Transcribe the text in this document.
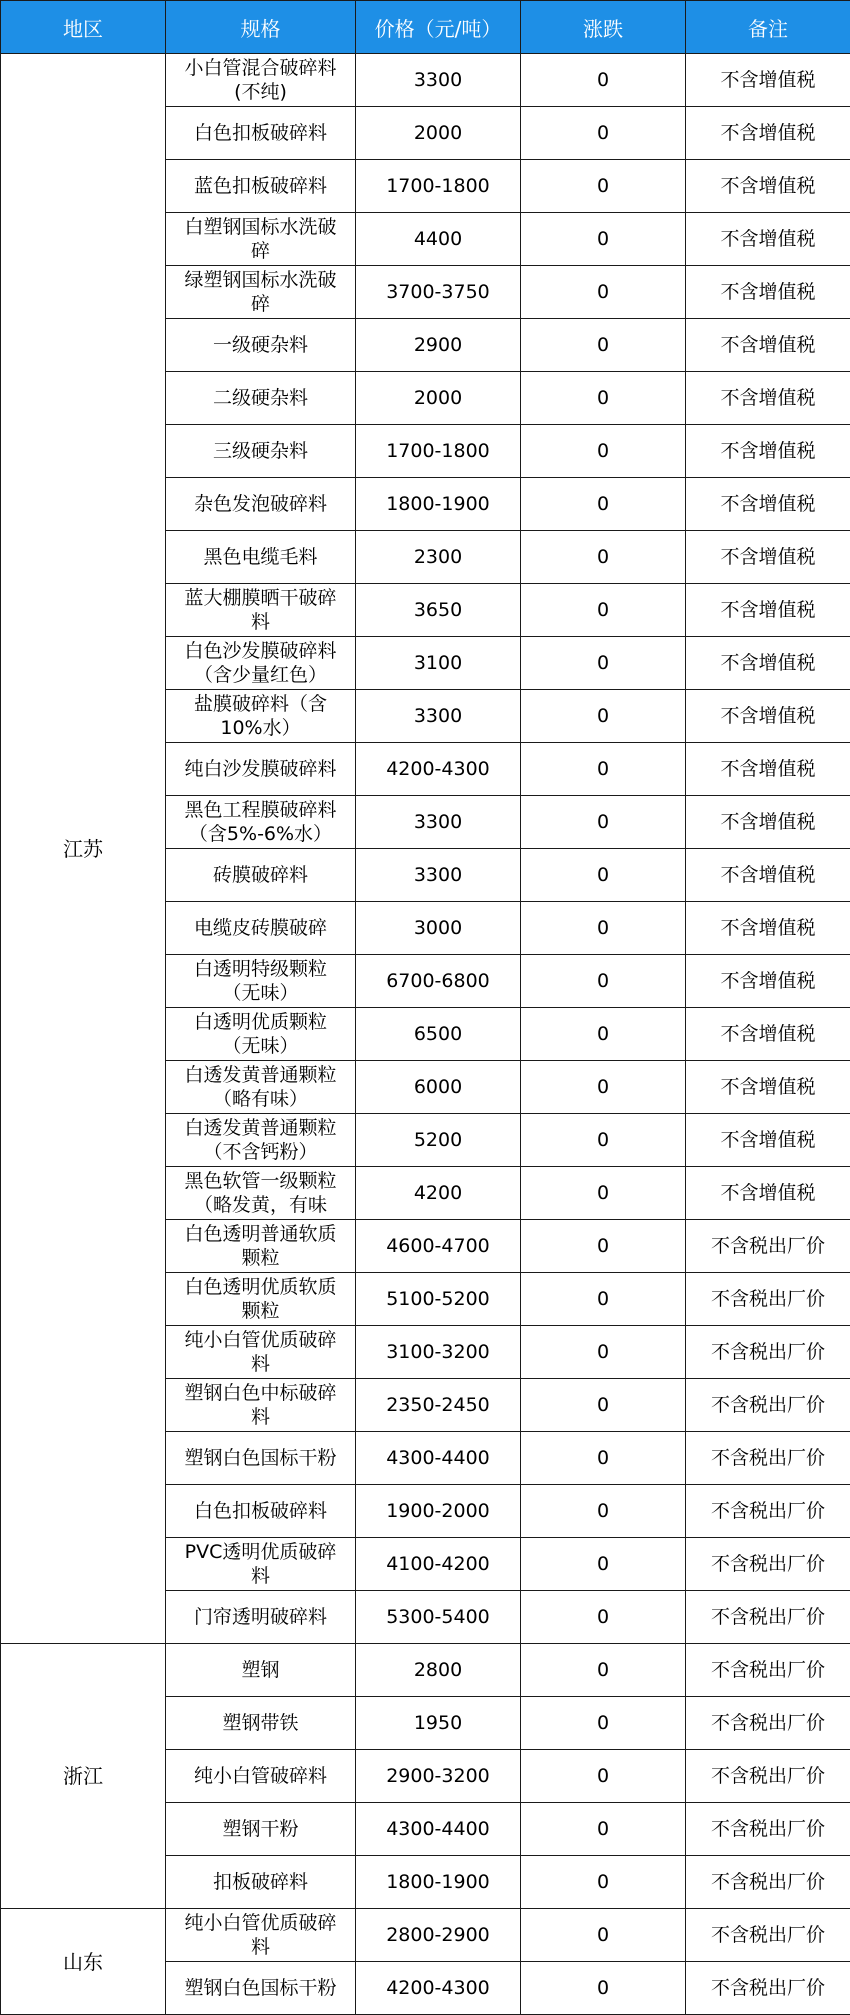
地区	规格	价格（元/吨）	涨跌	备注
江苏	小白管混合破碎料(不纯)	3300	0	不含增值税
	白色扣板破碎料	2000	0	不含增值税
	蓝色扣板破碎料	1700-1800	0	不含增值税
	白塑钢国标水洗破碎	4400	0	不含增值税
	绿塑钢国标水洗破碎	3700-3750	0	不含增值税
	一级硬杂料	2900	0	不含增值税
	二级硬杂料	2000	0	不含增值税
	三级硬杂料	1700-1800	0	不含增值税
	杂色发泡破碎料	1800-1900	0	不含增值税
	黑色电缆毛料	2300	0	不含增值税
	蓝大棚膜晒干破碎料	3650	0	不含增值税
	白色沙发膜破碎料（含少量红色）	3100	0	不含增值税
	盐膜破碎料（含10%水）	3300	0	不含增值税
	纯白沙发膜破碎料	4200-4300	0	不含增值税
	黑色工程膜破碎料（含5%-6%水）	3300	0	不含增值税
	砖膜破碎料	3300	0	不含增值税
	电缆皮砖膜破碎	3000	0	不含增值税
	白透明特级颗粒（无味）	6700-6800	0	不含增值税
	白透明优质颗粒（无味）	6500	0	不含增值税
	白透发黄普通颗粒（略有味）	6000	0	不含增值税
	白透发黄普通颗粒（不含钙粉）	5200	0	不含增值税
	黑色软管一级颗粒（略发黄，有味	4200	0	不含增值税
	白色透明普通软质颗粒	4600-4700	0	不含税出厂价
	白色透明优质软质颗粒	5100-5200	0	不含税出厂价
	纯小白管优质破碎料	3100-3200	0	不含税出厂价
	塑钢白色中标破碎料	2350-2450	0	不含税出厂价
	塑钢白色国标干粉	4300-4400	0	不含税出厂价
	白色扣板破碎料	1900-2000	0	不含税出厂价
	PVC透明优质破碎料	4100-4200	0	不含税出厂价
	门帘透明破碎料	5300-5400	0	不含税出厂价
浙江	塑钢	2800	0	不含税出厂价
	塑钢带铁	1950	0	不含税出厂价
	纯小白管破碎料	2900-3200	0	不含税出厂价
	塑钢干粉	4300-4400	0	不含税出厂价
	扣板破碎料	1800-1900	0	不含税出厂价
山东	纯小白管优质破碎料	2800-2900	0	不含税出厂价
	塑钢白色国标干粉	4200-4300	0	不含税出厂价
